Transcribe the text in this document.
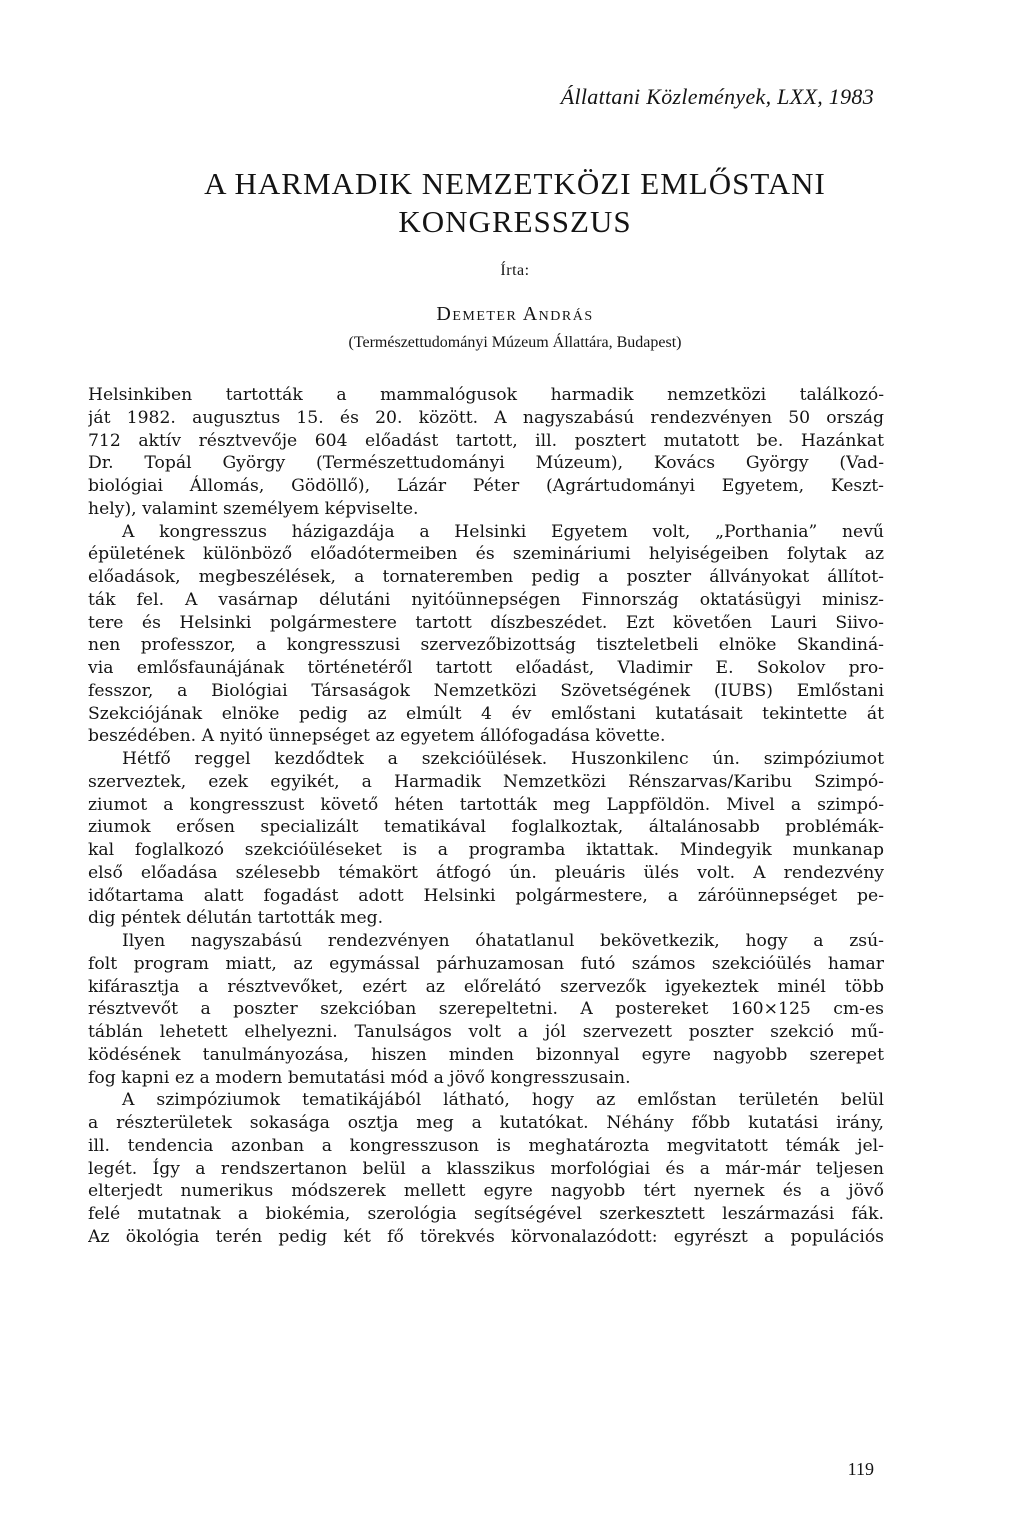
Állattani Közlemények, LXX, 1983
A HARMADIK NEMZETKÖZI EMLŐSTANI
KONGRESSZUS
Írta:
Demeter András
(Természettudományi Múzeum Állattára, Budapest)
Helsinkiben tartották a mammalógusok harmadik nemzetközi találkozó-
ját 1982. augusztus 15. és 20. között. A nagyszabású rendezvényen 50 ország
712 aktív résztvevője 604 előadást tartott, ill. posztert mutatott be. Hazánkat
Dr. Topál György (Természettudományi Múzeum), Kovács György (Vad-
biológiai Állomás, Gödöllő), Lázár Péter (Agrártudományi Egyetem, Keszt-
hely), valamint személyem képviselte.
A kongresszus házigazdája a Helsinki Egyetem volt, „Porthania” nevű
épületének különböző előadótermeiben és szemináriumi helyiségeiben folytak az
előadások, megbeszélések, a tornateremben pedig a poszter állványokat állítot-
ták fel. A vasárnap délutáni nyitóünnepségen Finnország oktatásügyi minisz-
tere és Helsinki polgármestere tartott díszbeszédet. Ezt követően Lauri Siivo-
nen professzor, a kongresszusi szervezőbizottság tiszteletbeli elnöke Skandiná-
via emlősfaunájának történetéről tartott előadást, Vladimir E. Sokolov pro-
fesszor, a Biológiai Társaságok Nemzetközi Szövetségének (IUBS) Emlőstani
Szekciójának elnöke pedig az elmúlt 4 év emlőstani kutatásait tekintette át
beszédében. A nyitó ünnepséget az egyetem állófogadása követte.
Hétfő reggel kezdődtek a szekcióülések. Huszonkilenc ún. szimpóziumot
szerveztek, ezek egyikét, a Harmadik Nemzetközi Rénszarvas/Karibu Szimpó-
ziumot a kongresszust követő héten tartották meg Lappföldön. Mivel a szimpó-
ziumok erősen specializált tematikával foglalkoztak, általánosabb problémák-
kal foglalkozó szekcióüléseket is a programba iktattak. Mindegyik munkanap
első előadása szélesebb témakört átfogó ún. pleuáris ülés volt. A rendezvény
időtartama alatt fogadást adott Helsinki polgármestere, a záróünnepséget pe-
dig péntek délután tartották meg.
Ilyen nagyszabású rendezvényen óhatatlanul bekövetkezik, hogy a zsú-
folt program miatt, az egymással párhuzamosan futó számos szekcióülés hamar
kifárasztja a résztvevőket, ezért az előrelátó szervezők igyekeztek minél több
résztvevőt a poszter szekcióban szerepeltetni. A postereket 160×125 cm-es
táblán lehetett elhelyezni. Tanulságos volt a jól szervezett poszter szekció mű-
ködésének tanulmányozása, hiszen minden bizonnyal egyre nagyobb szerepet
fog kapni ez a modern bemutatási mód a jövő kongresszusain.
A szimpóziumok tematikájából látható, hogy az emlőstan területén belül
a részterületek sokasága osztja meg a kutatókat. Néhány főbb kutatási irány,
ill. tendencia azonban a kongresszuson is meghatározta megvitatott témák jel-
legét. Így a rendszertanon belül a klasszikus morfológiai és a már-már teljesen
elterjedt numerikus módszerek mellett egyre nagyobb tért nyernek és a jövő
felé mutatnak a biokémia, szerológia segítségével szerkesztett leszármazási fák.
Az ökológia terén pedig két fő törekvés körvonalazódott: egyrészt a populációs
119
